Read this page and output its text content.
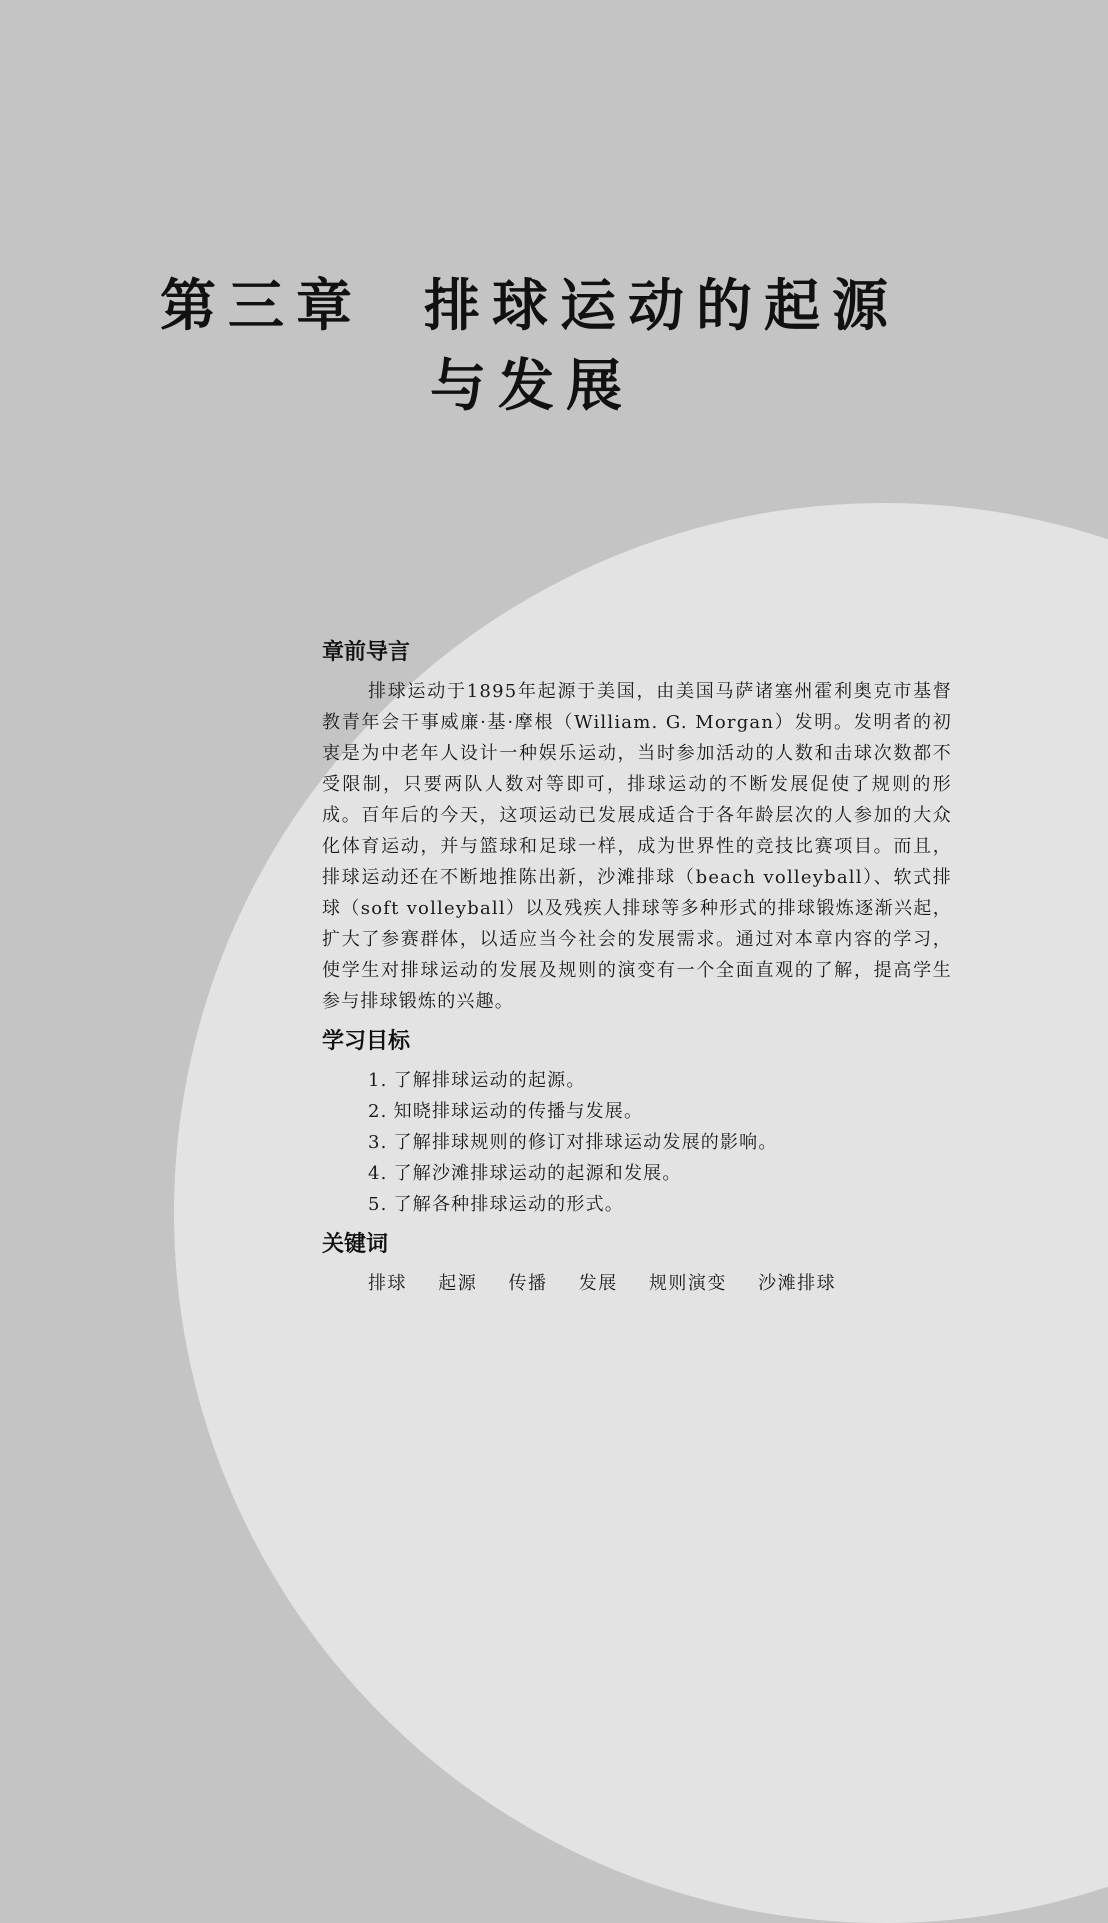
第三章 排球运动的起源
与发展
章前导言

排球运动于1895年起源于美国，由美国马萨诸塞州霍利奥克市基督教青年会干事威廉·基·摩根（William. G. Morgan）发明。发明者的初衷是为中老年人设计一种娱乐运动，当时参加活动的人数和击球次数都不受限制，只要两队人数对等即可，排球运动的不断发展促使了规则的形成。百年后的今天，这项运动已发展成适合于各年龄层次的人参加的大众化体育运动，并与篮球和足球一样，成为世界性的竞技比赛项目。而且，排球运动还在不断地推陈出新，沙滩排球（beach volleyball）、软式排球（soft volleyball）以及残疾人排球等多种形式的排球锻炼逐渐兴起，扩大了参赛群体，以适应当今社会的发展需求。通过对本章内容的学习，使学生对排球运动的发展及规则的演变有一个全面直观的了解，提高学生参与排球锻炼的兴趣。

学习目标
1. 了解排球运动的起源。
2. 知晓排球运动的传播与发展。
3. 了解排球规则的修订对排球运动发展的影响。
4. 了解沙滩排球运动的起源和发展。
5. 了解各种排球运动的形式。
关键词
排球 起源 传播 发展 规则演变 沙滩排球
